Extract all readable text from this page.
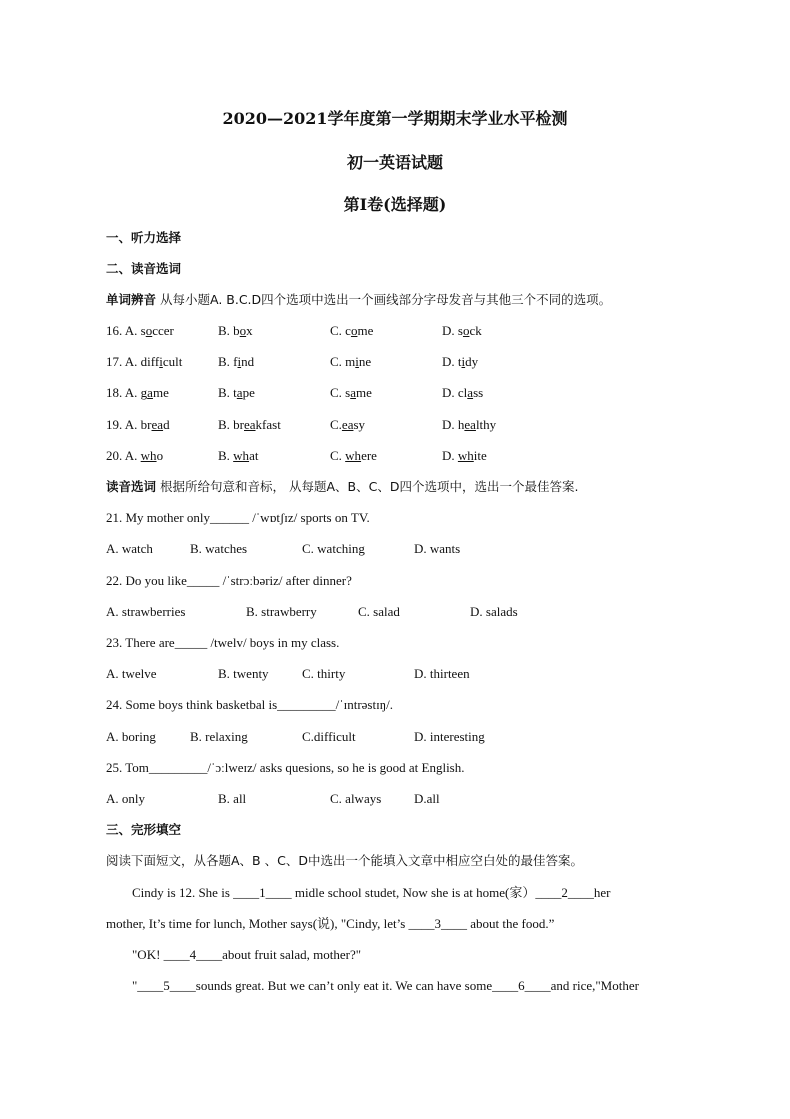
2020—2021学年度第一学期期末学业水平检测
初一英语试题
第I卷(选择题)
一、听力选择
二、读音选词
单词辨音 从每小题A. B.C.D四个选项中选出一个画线部分字母发音与其他三个不同的选项。
16. A. soccer	B. box	C. come	D. sock
17. A. difficult	B. find	C. mine	D. tidy
18. A. game	B. tape	C. same	D. class
19. A. bread	B. breakfast	C.easy	D. healthy
20. A. who	B. what	C. where	D. white
读音选词 根据所给句意和音标， 从每题A、B、C、D四个选项中，选出一个最佳答案.
21. My mother only______ /ˈwɒtʃɪz/ sports on TV.
A. watch	B. watches	C. watching	D. wants
22. Do you like_____ /ˈstrɔːbəriz/ after dinner?
A. strawberries	B. strawberry	C. salad	D. salads
23. There are_____ /twelv/ boys in my class.
A. twelve	B. twenty	C. thirty	D. thirteen
24. Some boys think basketbal is_________/ˈɪntrəstɪŋ/.
A. boring	B. relaxing	C.difficult	D. interesting
25. Tom_________/ˈɔːlweɪz/ asks quesions, so he is good at English.
A. only	B. all	C. always	D.all
三、完形填空
阅读下面短文，从各题A、B 、C、D中选出一个能填入文章中相应空白处的最佳答案。
Cindy is 12. She is ____1____ midle school studet, Now she is at home(家）____2____her
mother, It’s time for lunch, Mother says(说), "Cindy, let’s ____3____ about the food.”
"OK! ____4____about fruit salad, mother?"
"____5____sounds great. But we can’t only eat it. We can have some____6____and rice,"Mother
